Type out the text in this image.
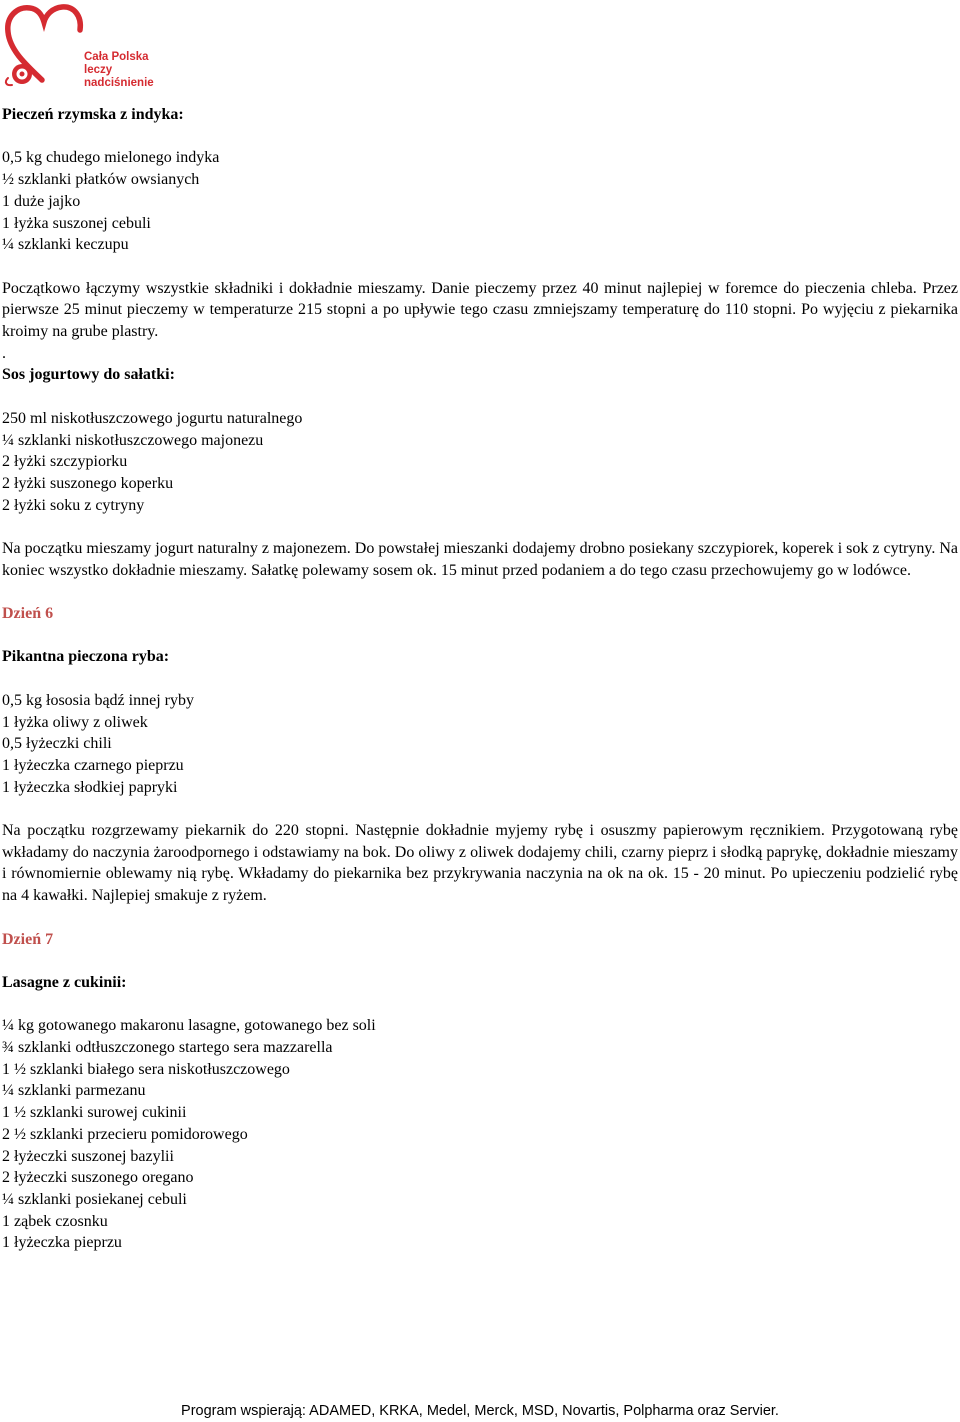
Cała Polska
leczy nadciśnienie

Pieczeń rzymska z indyka:

0,5 kg chudego mielonego indyka

½ szklanki płatków owsianych

1 duże jajko

1 łyżka suszonej cebuli

¼ szklanki keczupu

Początkowo łączymy wszystkie składniki i dokładnie mieszamy. Danie pieczemy przez 40 minut najlepiej w foremce do pieczenia chleba. Przez pierwsze 25 minut pieczemy w temperaturze 215 stopni a po upływie tego czasu zmniejszamy temperaturę do 110 stopni. Po wyjęciu z piekarnika kroimy na grube plastry.

.

Sos jogurtowy do sałatki:

250 ml niskotłuszczowego jogurtu naturalnego

¼ szklanki niskotłuszczowego majonezu

2 łyżki szczypiorku

2 łyżki suszonego koperku

2 łyżki soku z cytryny

Na początku mieszamy jogurt naturalny z majonezem. Do powstałej mieszanki dodajemy drobno posiekany szczypiorek, koperek i sok z cytryny. Na koniec wszystko dokładnie mieszamy. Sałatkę polewamy sosem ok. 15 minut przed podaniem a do tego czasu przechowujemy go w lodówce.

Dzień 6

Pikantna pieczona ryba:

0,5 kg łososia bądź innej ryby

1 łyżka oliwy z oliwek

0,5 łyżeczki chili

1 łyżeczka czarnego pieprzu

1 łyżeczka słodkiej papryki

Na początku rozgrzewamy piekarnik do 220 stopni. Następnie dokładnie myjemy rybę i osuszmy papierowym ręcznikiem. Przygotowaną rybę wkładamy do naczynia żaroodpornego i odstawiamy na bok. Do oliwy z oliwek dodajemy chili, czarny pieprz i słodką paprykę, dokładnie mieszamy i równomiernie oblewamy nią rybę. Wkładamy do piekarnika bez przykrywania naczynia na ok na ok. 15 - 20 minut. Po upieczeniu podzielić rybę na 4 kawałki. Najlepiej smakuje z ryżem.

Dzień 7

Lasagne z cukinii:

¼ kg gotowanego makaronu lasagne, gotowanego bez soli

¾ szklanki odtłuszczonego startego sera mazzarella

1 ½ szklanki białego sera niskotłuszczowego

¼ szklanki parmezanu

1 ½ szklanki surowej cukinii

2 ½ szklanki przecieru pomidorowego

2 łyżeczki suszonej bazylii

2 łyżeczki suszonego oregano

¼ szklanki posiekanej cebuli

1 ząbek czosnku

1 łyżeczka pieprzu

Program wspierają: ADAMED, KRKA, Medel, Merck, MSD, Novartis, Polpharma oraz Servier.
